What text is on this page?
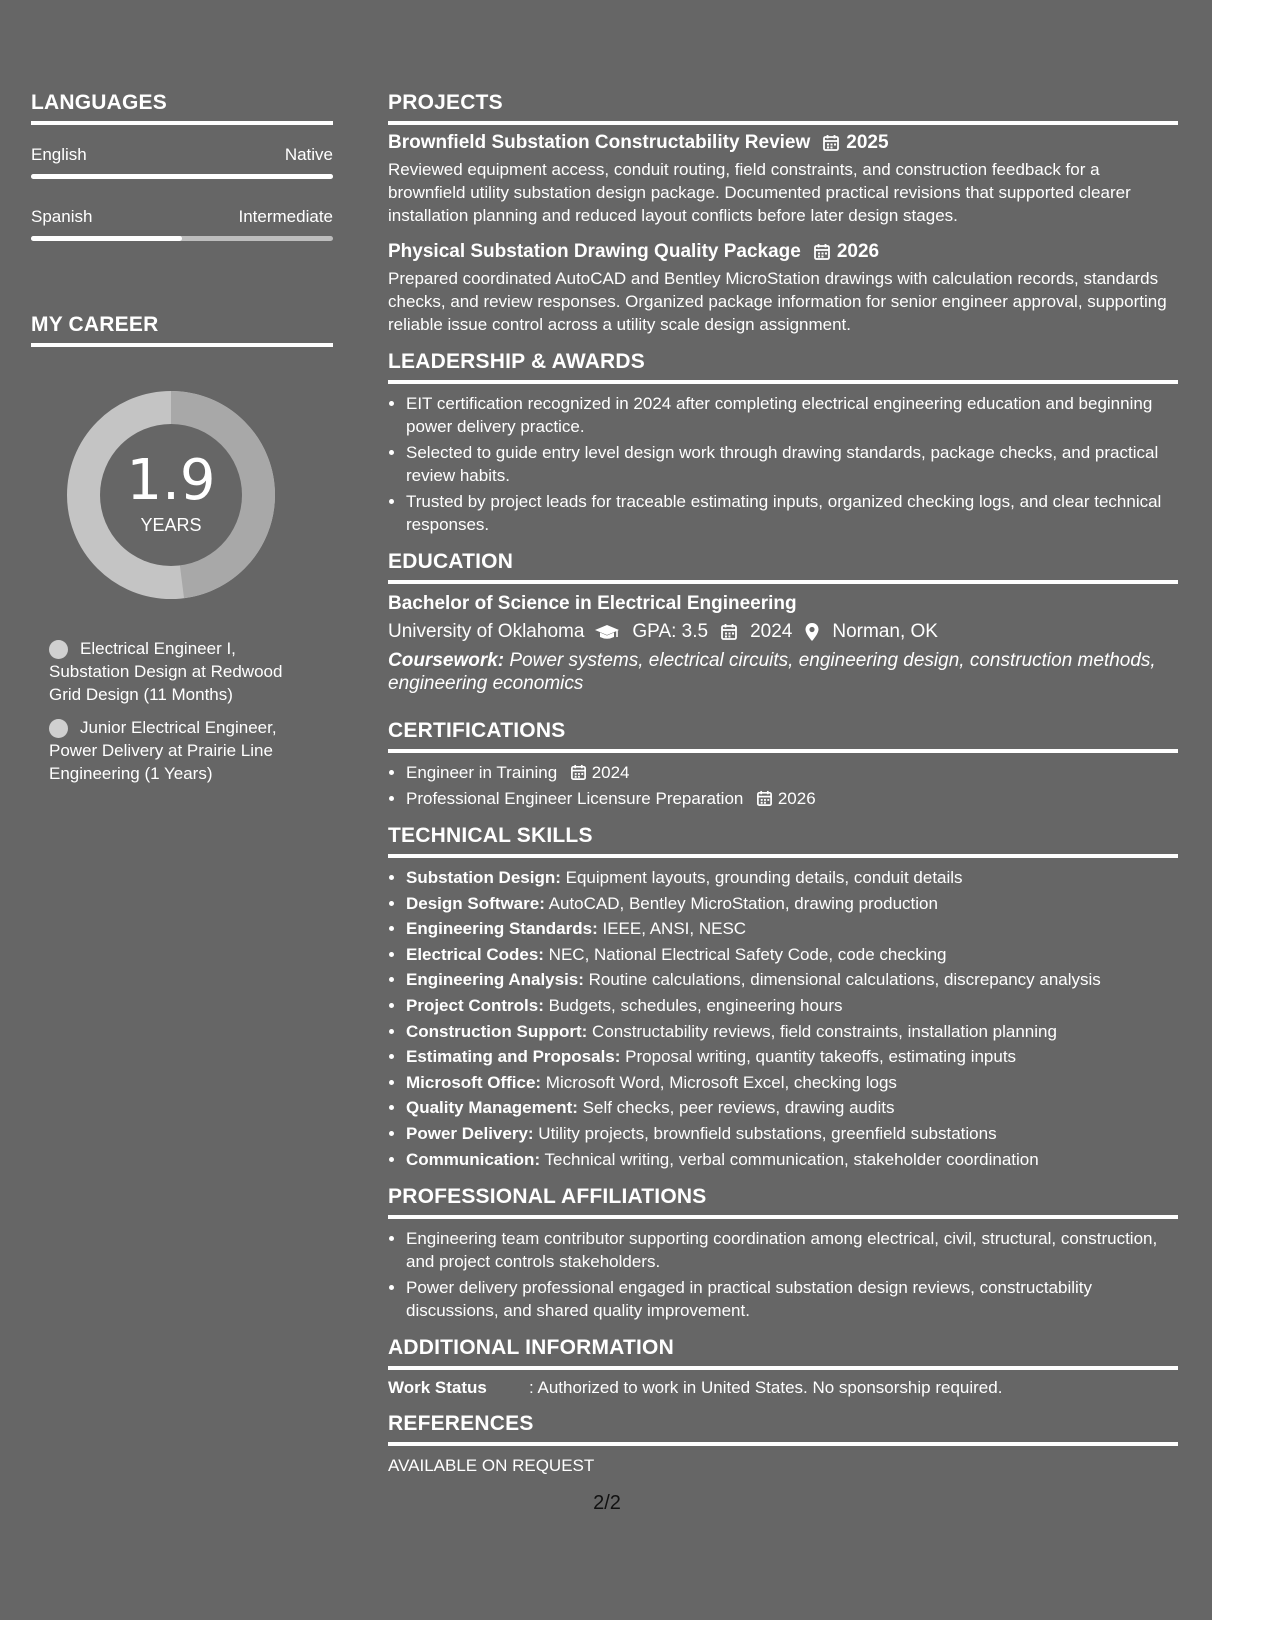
LANGUAGES
English	Native
Spanish	Intermediate
MY CAREER
1.9
YEARS
Electrical Engineer I, Substation Design at Redwood Grid Design (11 Months)
Junior Electrical Engineer, Power Delivery at Prairie Line Engineering (1 Years)
PROJECTS
Brownfield Substation Constructability Review 2025

Reviewed equipment access, conduit routing, field constraints, and construction feedback for a brownfield utility substation design package. Documented practical revisions that supported clearer installation planning and reduced layout conflicts before later design stages.

Physical Substation Drawing Quality Package 2026

Prepared coordinated AutoCAD and Bentley MicroStation drawings with calculation records, standards checks, and review responses. Organized package information for senior engineer approval, supporting reliable issue control across a utility scale design assignment.

LEADERSHIP & AWARDS
• EIT certification recognized in 2024 after completing electrical engineering education and beginning power delivery practice.
• Selected to guide entry level design work through drawing standards, package checks, and practical review habits.
• Trusted by project leads for traceable estimating inputs, organized checking logs, and clear technical responses.
EDUCATION
Bachelor of Science in Electrical Engineering
University of Oklahoma	GPA: 3.5 2024 Norman, OK
Coursework: Power systems, electrical circuits, engineering design, construction methods, engineering economics
CERTIFICATIONS
• Engineer in Training 2024
• Professional Engineer Licensure Preparation 2026
TECHNICAL SKILLS
• Substation Design: Equipment layouts, grounding details, conduit details
• Design Software: AutoCAD, Bentley MicroStation, drawing production
• Engineering Standards: IEEE, ANSI, NESC
• Electrical Codes: NEC, National Electrical Safety Code, code checking
• Engineering Analysis: Routine calculations, dimensional calculations, discrepancy analysis
• Project Controls: Budgets, schedules, engineering hours
• Construction Support: Constructability reviews, field constraints, installation planning
• Estimating and Proposals: Proposal writing, quantity takeoffs, estimating inputs
• Microsoft Office: Microsoft Word, Microsoft Excel, checking logs
• Quality Management: Self checks, peer reviews, drawing audits
• Power Delivery: Utility projects, brownfield substations, greenfield substations
• Communication: Technical writing, verbal communication, stakeholder coordination
PROFESSIONAL AFFILIATIONS
• Engineering team contributor supporting coordination among electrical, civil, structural, construction, and project controls stakeholders.
• Power delivery professional engaged in practical substation design reviews, constructability discussions, and shared quality improvement.
ADDITIONAL INFORMATION
Work Status	: Authorized to work in United States. No sponsorship required.
REFERENCES
AVAILABLE ON REQUEST
2/2
